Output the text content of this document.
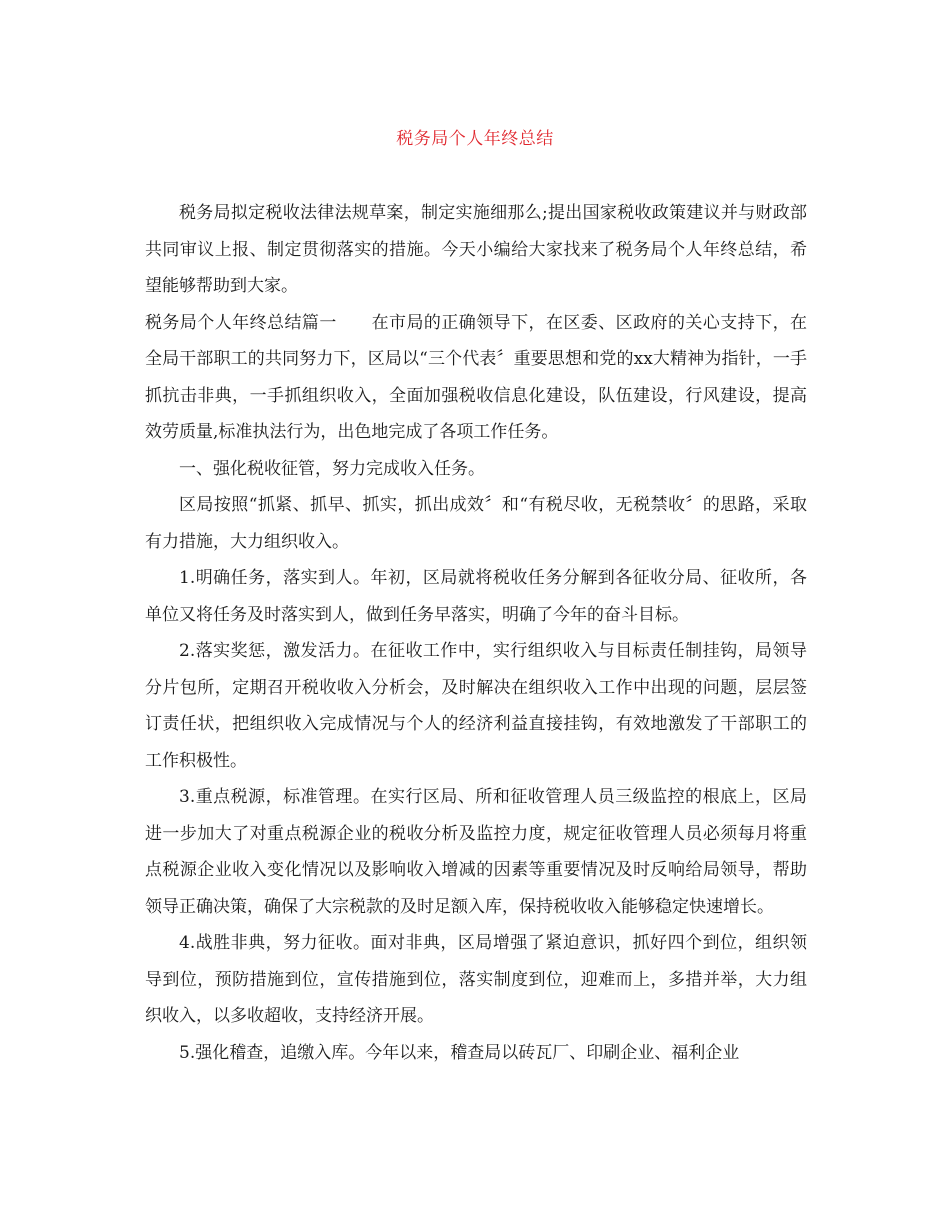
税务局个人年终总结

税务局拟定税收法律法规草案，制定实施细那么;提出国家税收政策建议并与财政部共同审议上报、制定贯彻落实的措施。今天小编给大家找来了税务局个人年终总结，希望能够帮助到大家。

税务局个人年终总结篇一　　在市局的正确领导下，在区委、区政府的关心支持下，在全局干部职工的共同努力下，区局以“三个代表〞重要思想和党的xx大精神为指针，一手抓抗击非典，一手抓组织收入，全面加强税收信息化建设，队伍建设，行风建设，提高效劳质量,标准执法行为，出色地完成了各项工作任务。

一、强化税收征管，努力完成收入任务。

区局按照“抓紧、抓早、抓实，抓出成效〞和“有税尽收，无税禁收〞的思路，采取有力措施，大力组织收入。

1.明确任务，落实到人。年初，区局就将税收任务分解到各征收分局、征收所，各单位又将任务及时落实到人，做到任务早落实，明确了今年的奋斗目标。

2.落实奖惩，激发活力。在征收工作中，实行组织收入与目标责任制挂钩，局领导分片包所，定期召开税收收入分析会，及时解决在组织收入工作中出现的问题，层层签订责任状，把组织收入完成情况与个人的经济利益直接挂钩，有效地激发了干部职工的工作积极性。

3.重点税源，标准管理。在实行区局、所和征收管理人员三级监控的根底上，区局进一步加大了对重点税源企业的税收分析及监控力度，规定征收管理人员必须每月将重点税源企业收入变化情况以及影响收入增减的因素等重要情况及时反响给局领导，帮助领导正确决策，确保了大宗税款的及时足额入库，保持税收收入能够稳定快速增长。

4.战胜非典，努力征收。面对非典，区局增强了紧迫意识，抓好四个到位，组织领导到位，预防措施到位，宣传措施到位，落实制度到位，迎难而上，多措并举，大力组织收入，以多收超收，支持经济开展。

5.强化稽查，追缴入库。今年以来，稽查局以砖瓦厂、印刷企业、福利企业
